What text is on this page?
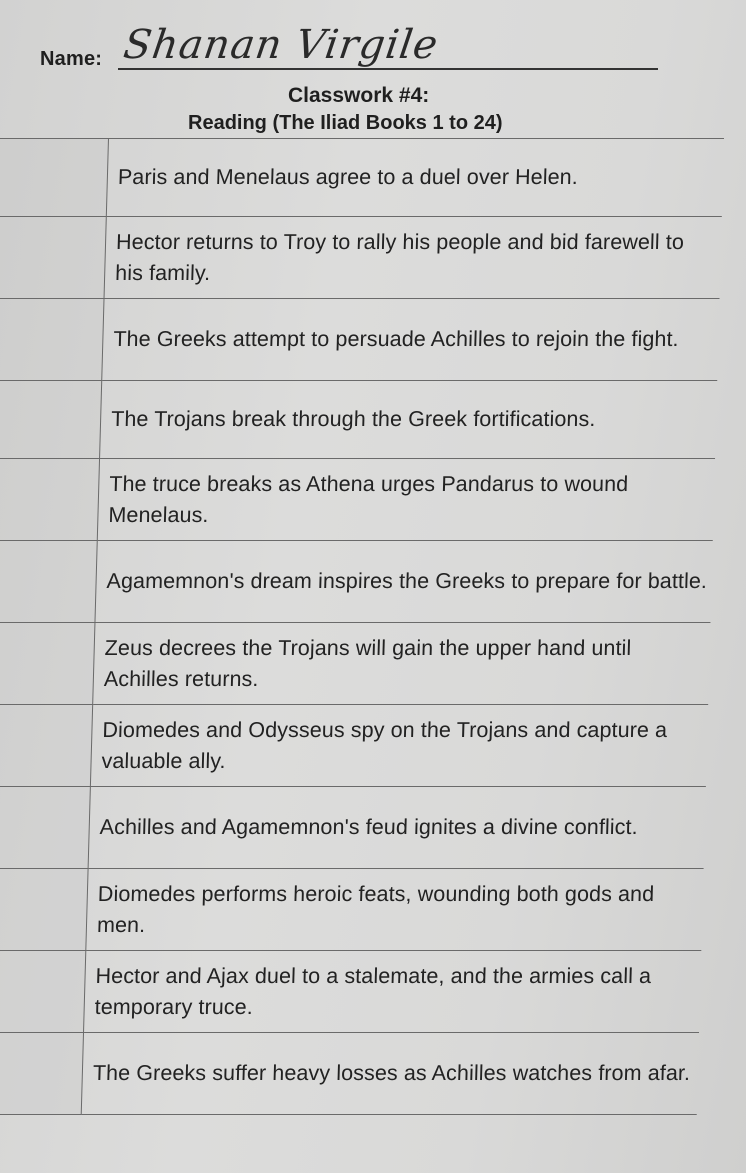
Name: Shanan Virgile
Classwork #4:
Reading (The Iliad Books 1 to 24)
	Paris and Menelaus agree to a duel over Helen.
	Hector returns to Troy to rally his people and bid farewell to his family.
	The Greeks attempt to persuade Achilles to rejoin the fight.
	The Trojans break through the Greek fortifications.
	The truce breaks as Athena urges Pandarus to wound Menelaus.
	Agamemnon's dream inspires the Greeks to prepare for battle.
	Zeus decrees the Trojans will gain the upper hand until Achilles returns.
	Diomedes and Odysseus spy on the Trojans and capture a valuable ally.
	Achilles and Agamemnon's feud ignites a divine conflict.
	Diomedes performs heroic feats, wounding both gods and men.
	Hector and Ajax duel to a stalemate, and the armies call a temporary truce.
	The Greeks suffer heavy losses as Achilles watches from afar.
